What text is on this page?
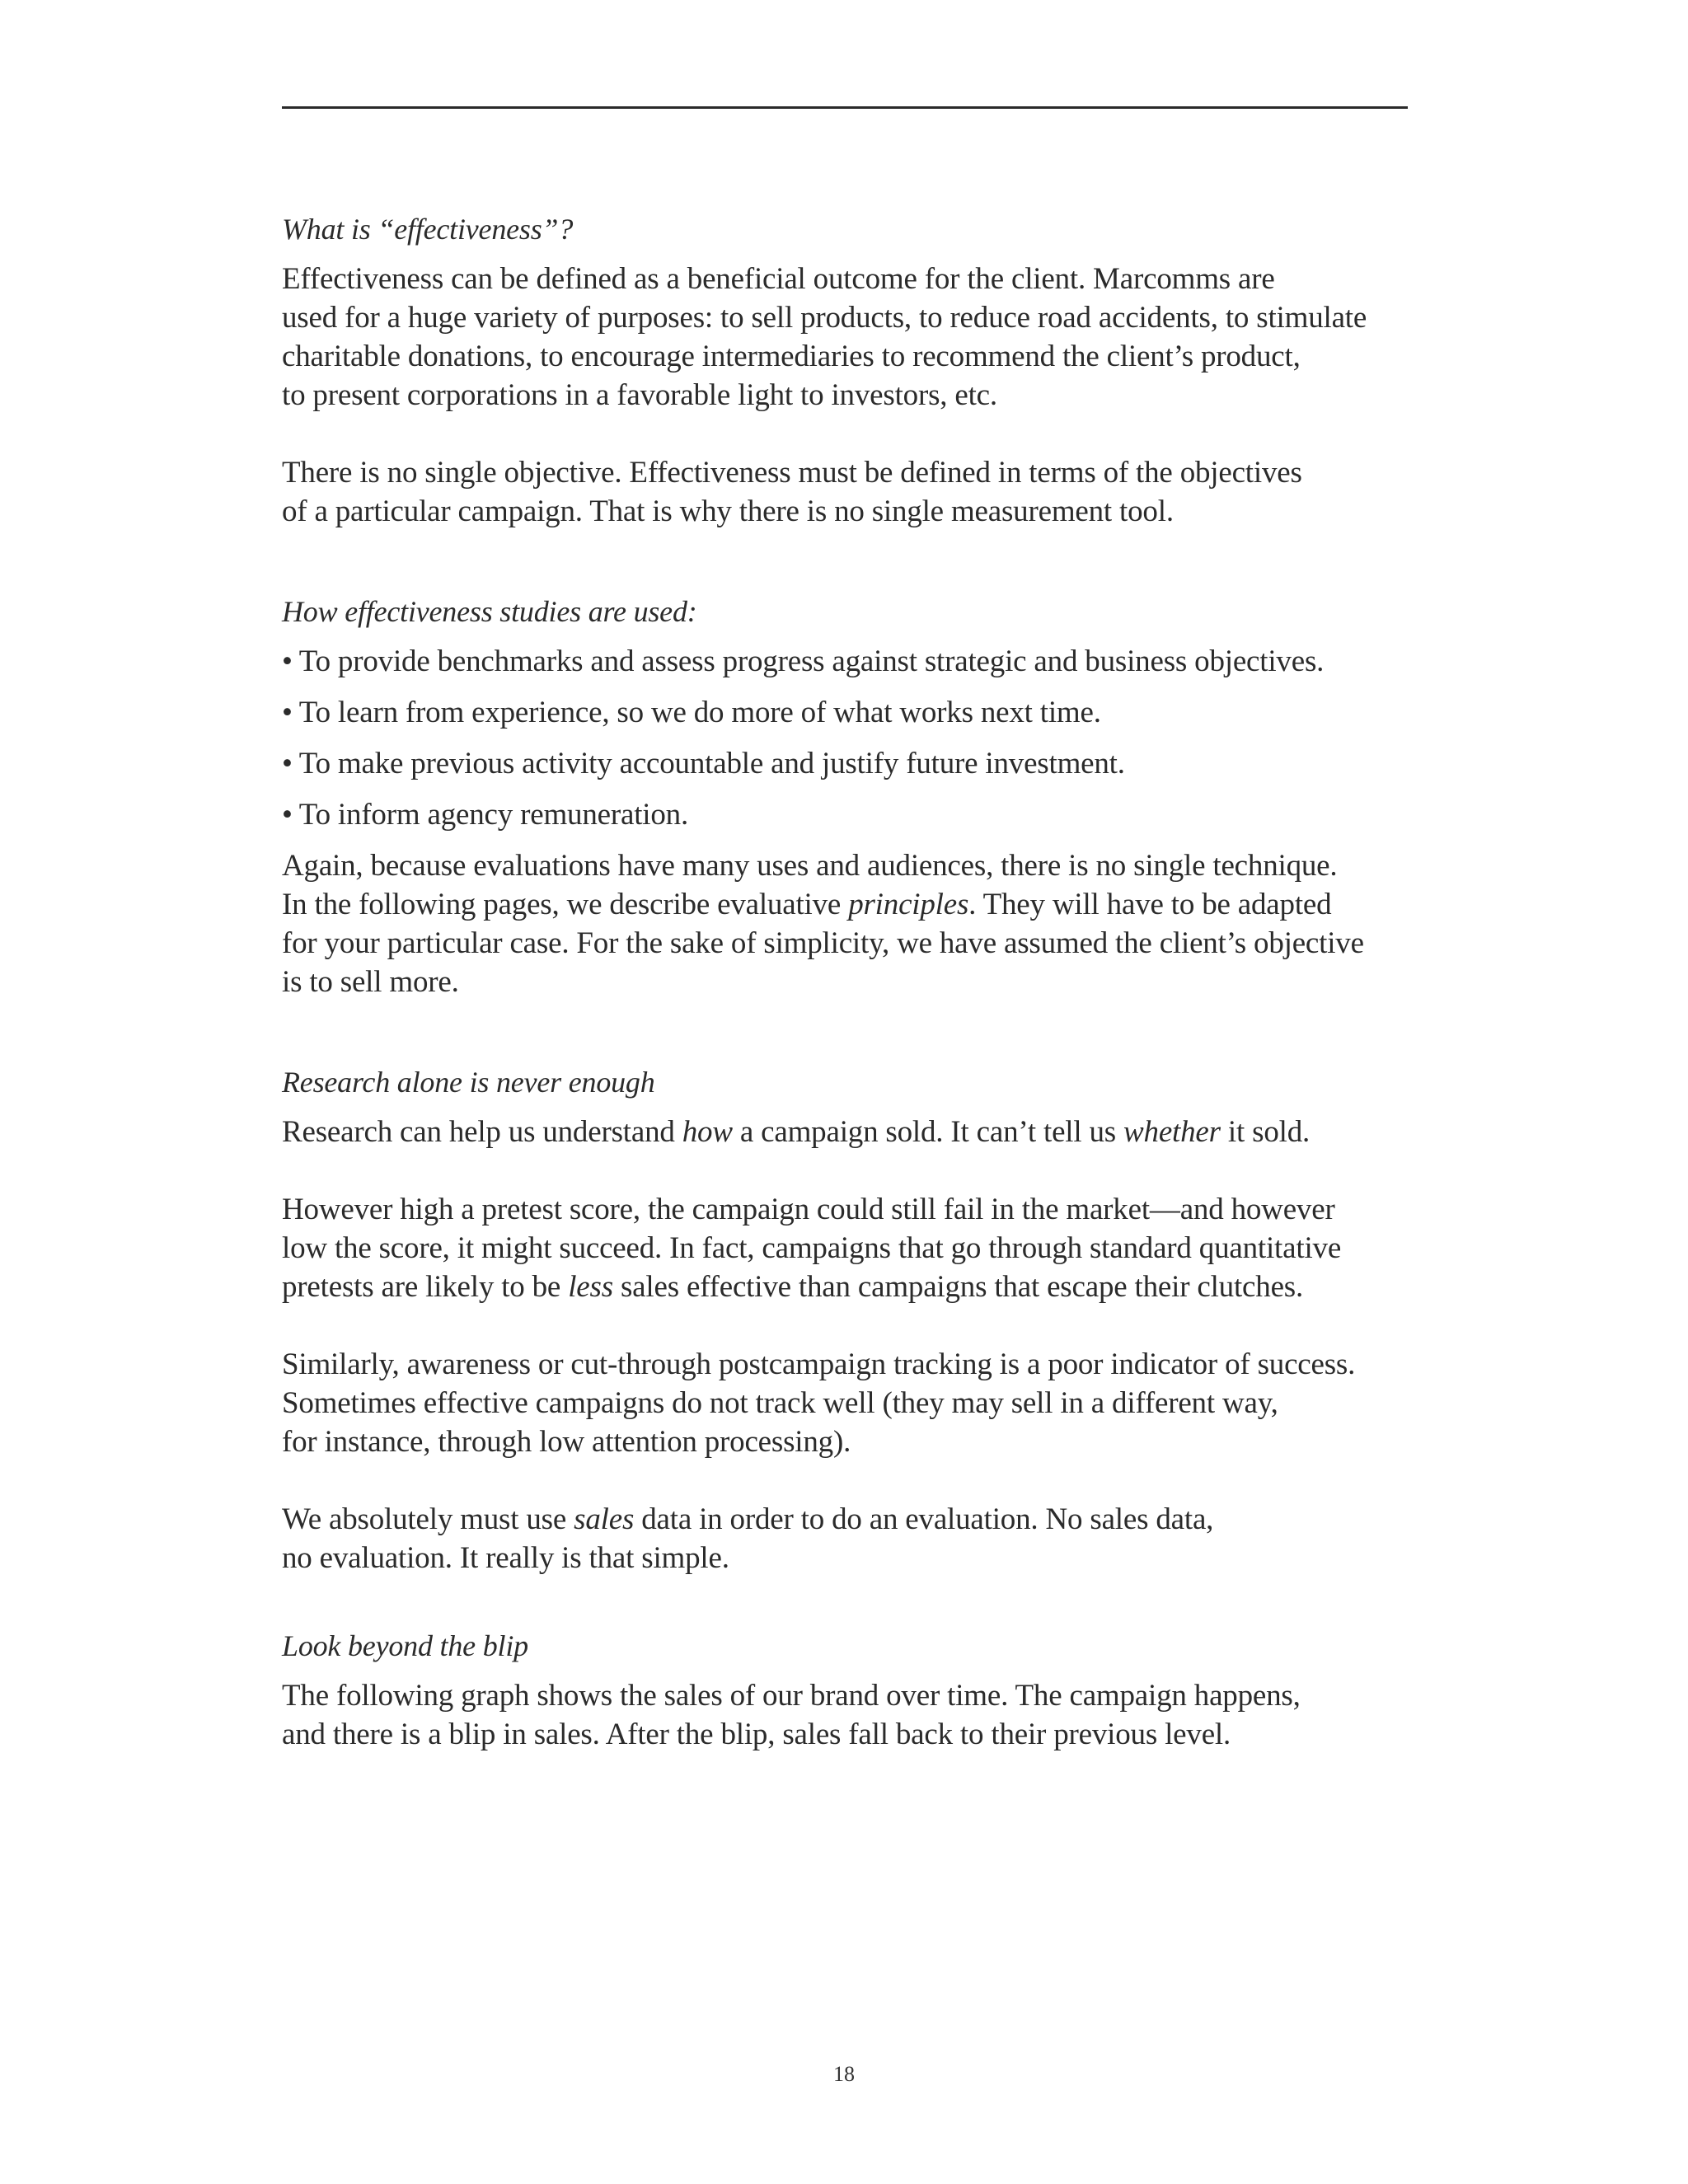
What is “effectiveness”?

Effectiveness can be defined as a beneficial outcome for the client. Marcomms are
used for a huge variety of purposes: to sell products, to reduce road accidents, to stimulate
charitable donations, to encourage intermediaries to recommend the client’s product,
to present corporations in a favorable light to investors, etc.

There is no single objective. Effectiveness must be defined in terms of the objectives
of a particular campaign. That is why there is no single measurement tool.

How effectiveness studies are used:
• To provide benchmarks and assess progress against strategic and business objectives.
• To learn from experience, so we do more of what works next time.
• To make previous activity accountable and justify future investment.
• To inform agency remuneration.

Again, because evaluations have many uses and audiences, there is no single technique.
In the following pages, we describe evaluative principles. They will have to be adapted
for your particular case. For the sake of simplicity, we have assumed the client’s objective
is to sell more.

Research alone is never enough

Research can help us understand how a campaign sold. It can’t tell us whether it sold.

However high a pretest score, the campaign could still fail in the market—and however
low the score, it might succeed. In fact, campaigns that go through standard quantitative
pretests are likely to be less sales effective than campaigns that escape their clutches.

Similarly, awareness or cut-through postcampaign tracking is a poor indicator of success.
Sometimes effective campaigns do not track well (they may sell in a different way,
for instance, through low attention processing).

We absolutely must use sales data in order to do an evaluation. No sales data,
no evaluation. It really is that simple.

Look beyond the blip

The following graph shows the sales of our brand over time. The campaign happens,
and there is a blip in sales. After the blip, sales fall back to their previous level.

18
